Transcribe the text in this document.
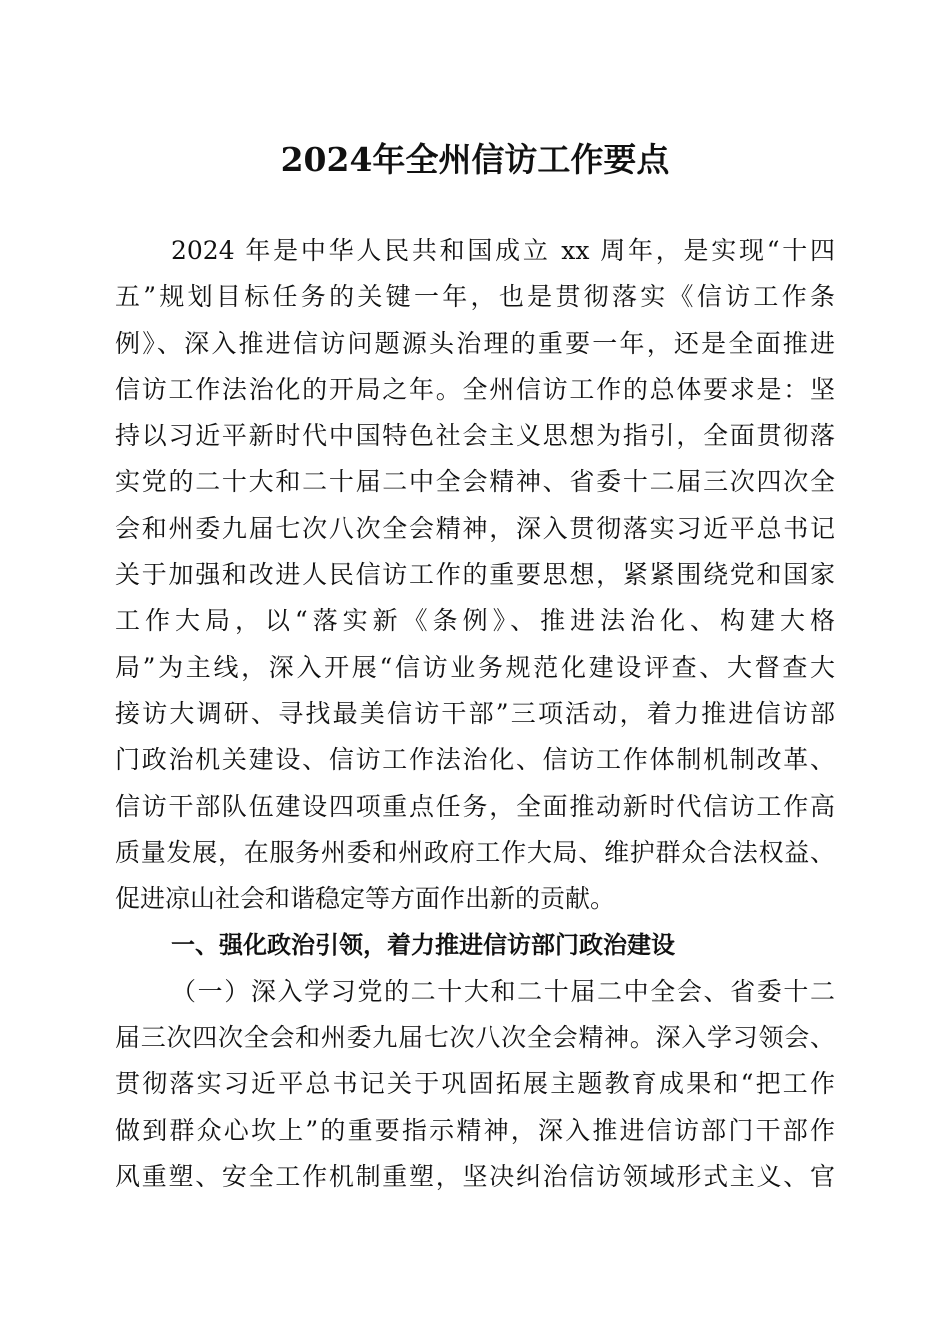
2024年全州信访工作要点
2024 年是中华人民共和国成立 xx 周年，是实现“十四
五”规划目标任务的关键一年，也是贯彻落实《信访工作条
例》、深入推进信访问题源头治理的重要一年，还是全面推进
信访工作法治化的开局之年。全州信访工作的总体要求是：坚
持以习近平新时代中国特色社会主义思想为指引，全面贯彻落
实党的二十大和二十届二中全会精神、省委十二届三次四次全
会和州委九届七次八次全会精神，深入贯彻落实习近平总书记
关于加强和改进人民信访工作的重要思想，紧紧围绕党和国家
工作大局，以“落实新《条例》、推进法治化、构建大格
局”为主线，深入开展“信访业务规范化建设评查、大督查大
接访大调研、寻找最美信访干部”三项活动，着力推进信访部
门政治机关建设、信访工作法治化、信访工作体制机制改革、
信访干部队伍建设四项重点任务，全面推动新时代信访工作高
质量发展，在服务州委和州政府工作大局、维护群众合法权益、
促进凉山社会和谐稳定等方面作出新的贡献。
一、强化政治引领，着力推进信访部门政治建设
（一）深入学习党的二十大和二十届二中全会、省委十二
届三次四次全会和州委九届七次八次全会精神。深入学习领会、
贯彻落实习近平总书记关于巩固拓展主题教育成果和“把工作
做到群众心坎上”的重要指示精神，深入推进信访部门干部作
风重塑、安全工作机制重塑，坚决纠治信访领域形式主义、官
